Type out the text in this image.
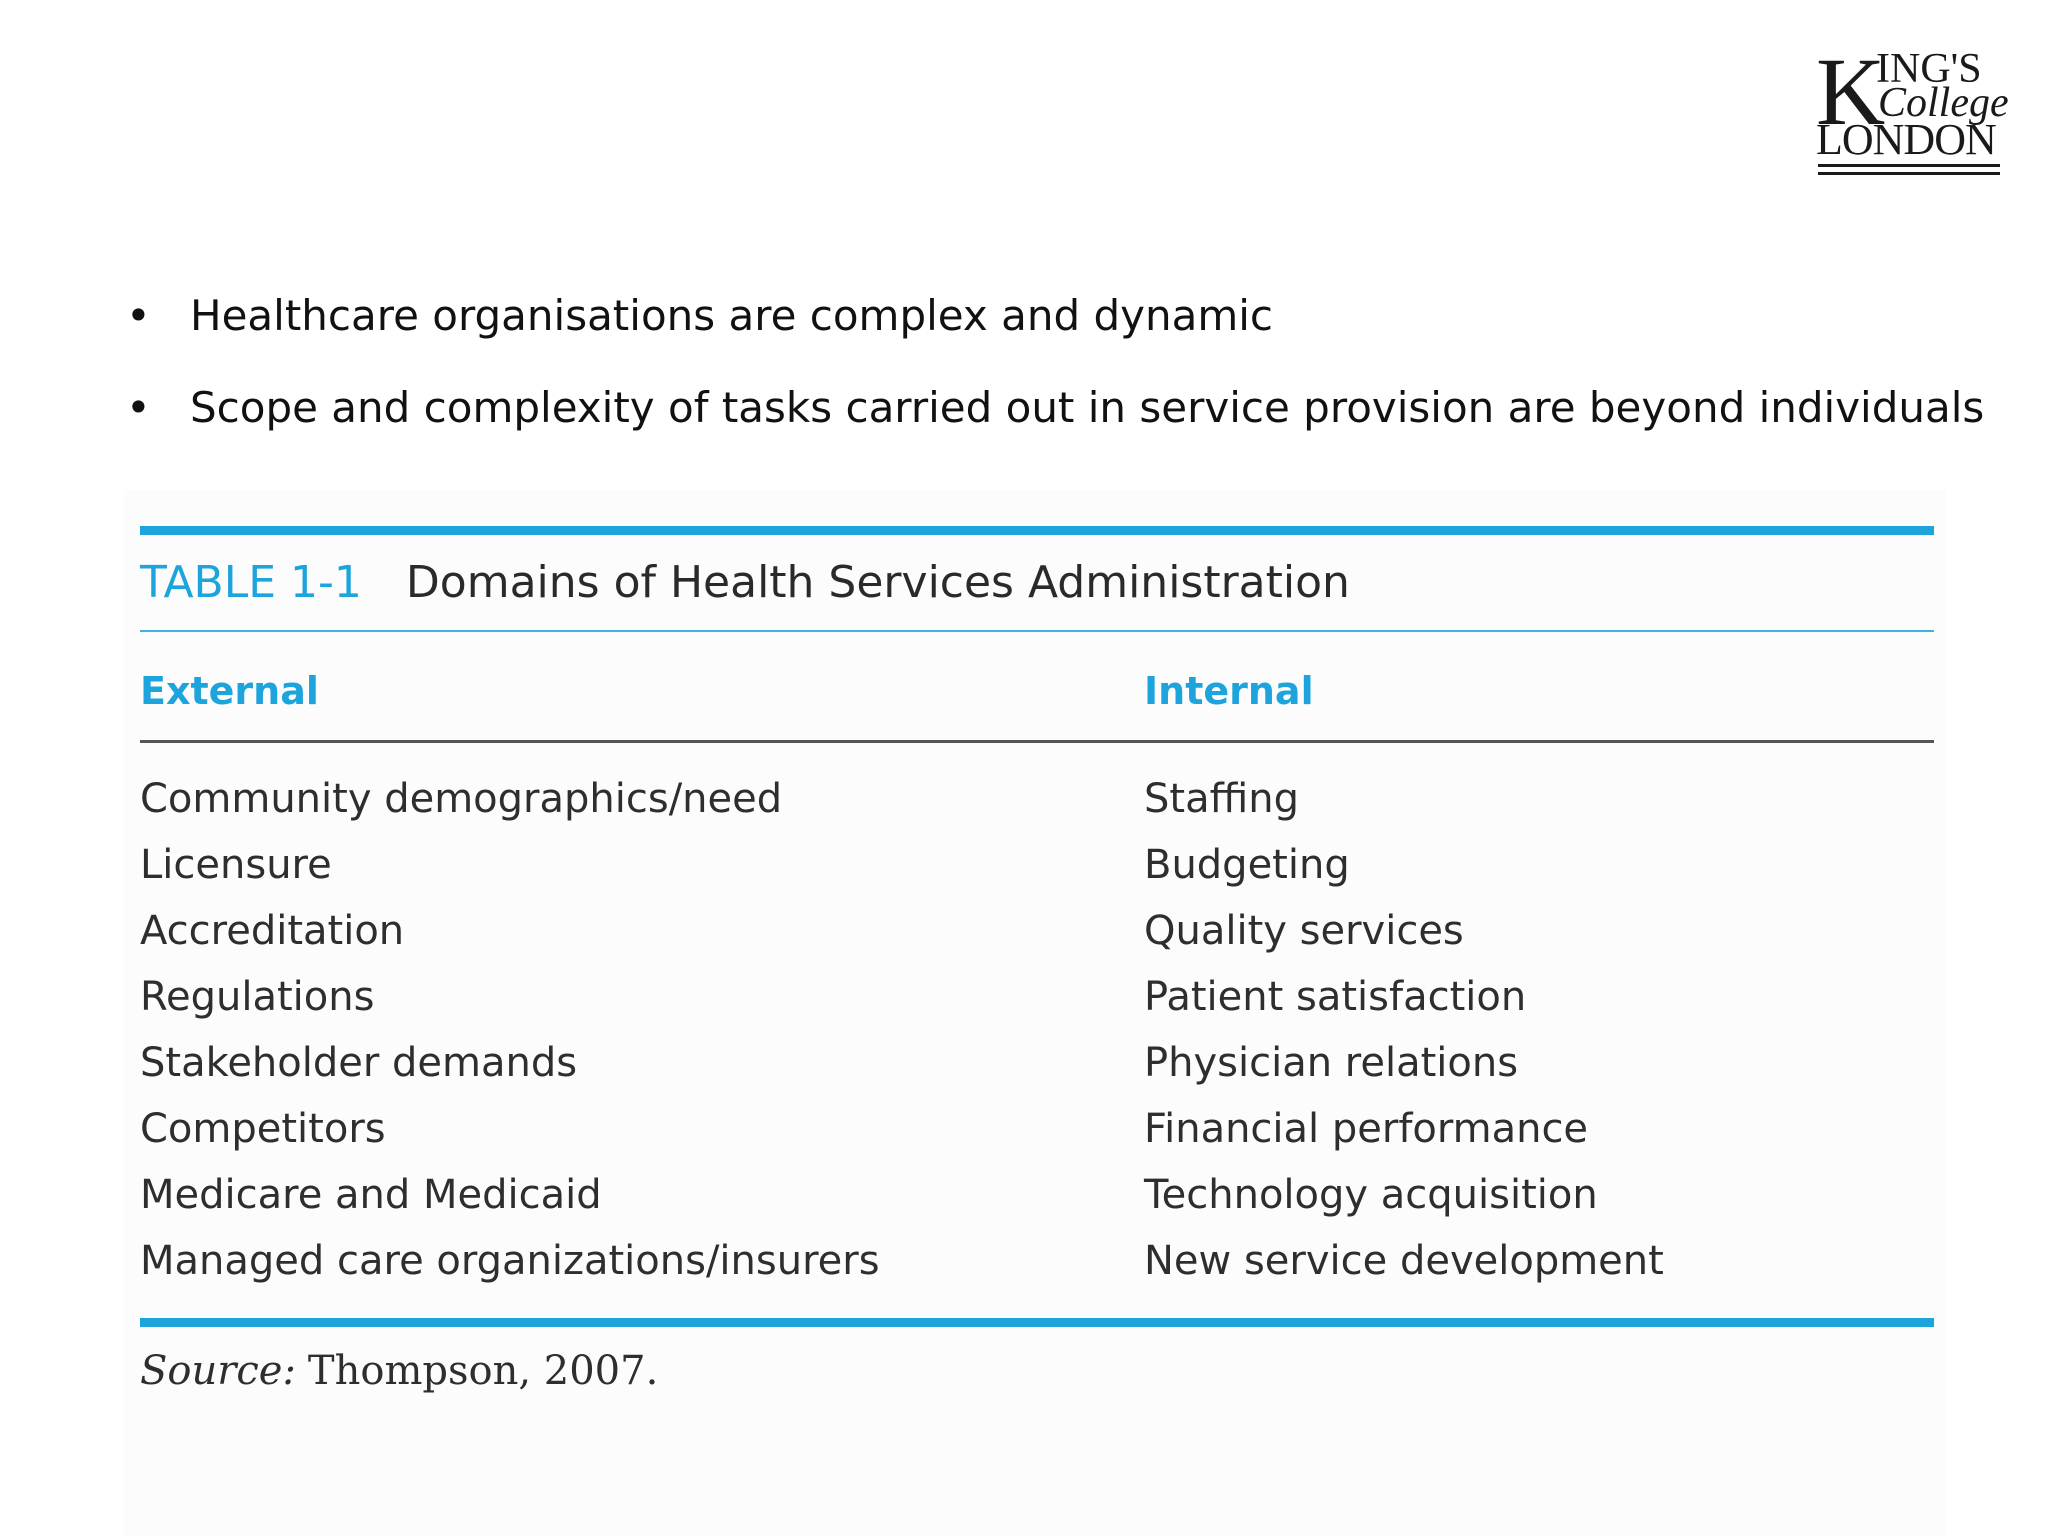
K
ING'S
College
LONDON
• Healthcare organisations are complex and dynamic
• Scope and complexity of tasks carried out in service provision are beyond individuals
TABLE 1-1 Domains of Health Services Administration
External	Internal
Community demographics/need
Licensure
Accreditation
Regulations
Stakeholder demands
Competitors
Medicare and Medicaid
Managed care organizations/insurers
Staffing
Budgeting
Quality services
Patient satisfaction
Physician relations
Financial performance
Technology acquisition
New service development
Source: Thompson, 2007.
